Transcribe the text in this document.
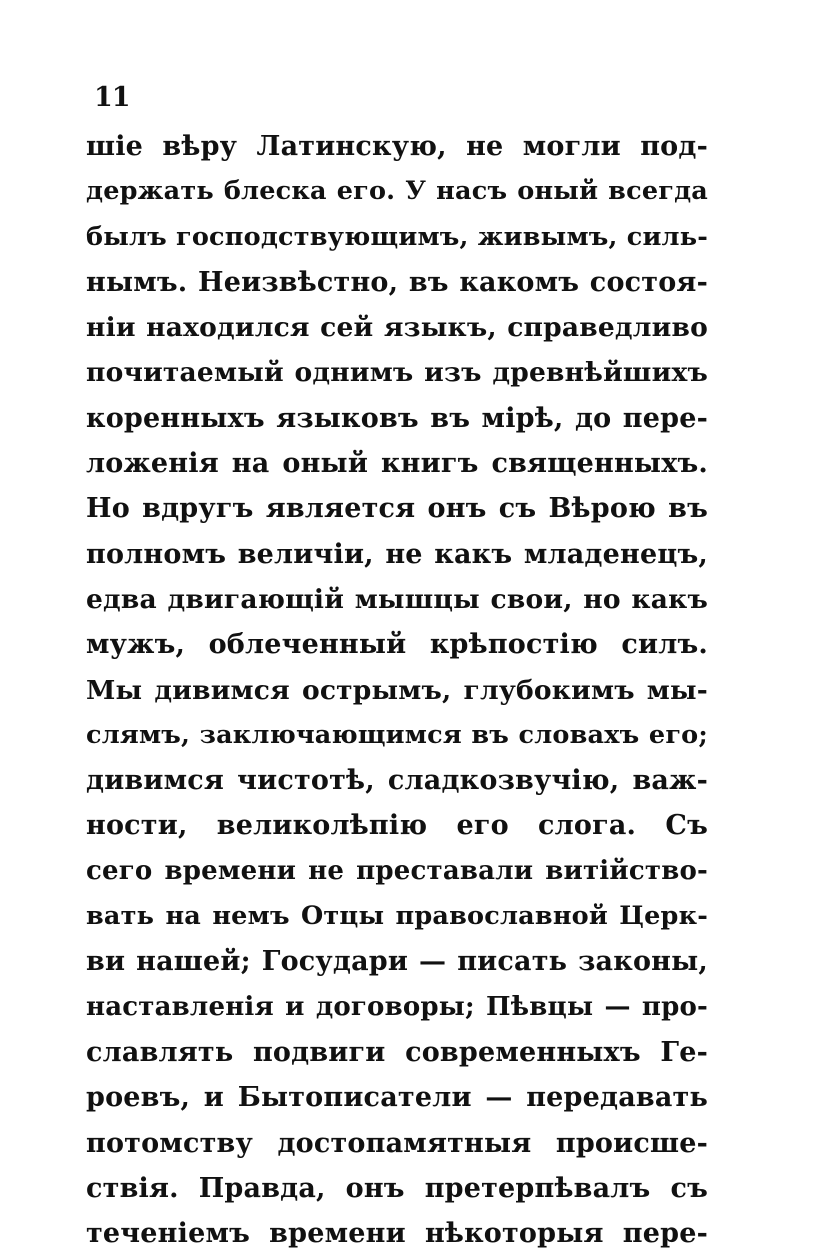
11
шіе вѣру Латинскую, не могли под-
держать блеска его. У насъ оный всегда
былъ господствующимъ, живымъ, силь-
нымъ. Неизвѣстно, въ какомъ состоя-
ніи находился сей языкъ, справедливо
почитаемый однимъ изъ древнѣйшихъ
коренныхъ языковъ въ мірѣ, до пере-
ложенія на оный книгъ священныхъ.
Но вдругъ является онъ съ Вѣрою въ
полномъ величіи, не какъ младенецъ,
едва двигающій мышцы свои, но какъ
мужъ, облеченный крѣпостію силъ.
Мы дивимся острымъ, глубокимъ мы-
слямъ, заключающимся въ словахъ его;
дивимся чистотѣ, сладкозвучію, важ-
ности, великолѣпію его слога. Съ
сего времени не преставали витійство-
вать на немъ Отцы православной Церк-
ви нашей; Государи — писать законы,
наставленія и договоры; Пѣвцы — про-
славлять подвиги современныхъ Ге-
роевъ, и Бытописатели — передавать
потомству достопамятныя происше-
ствія. Правда, онъ претерпѣвалъ съ
теченіемъ времени нѣкоторыя пере-
